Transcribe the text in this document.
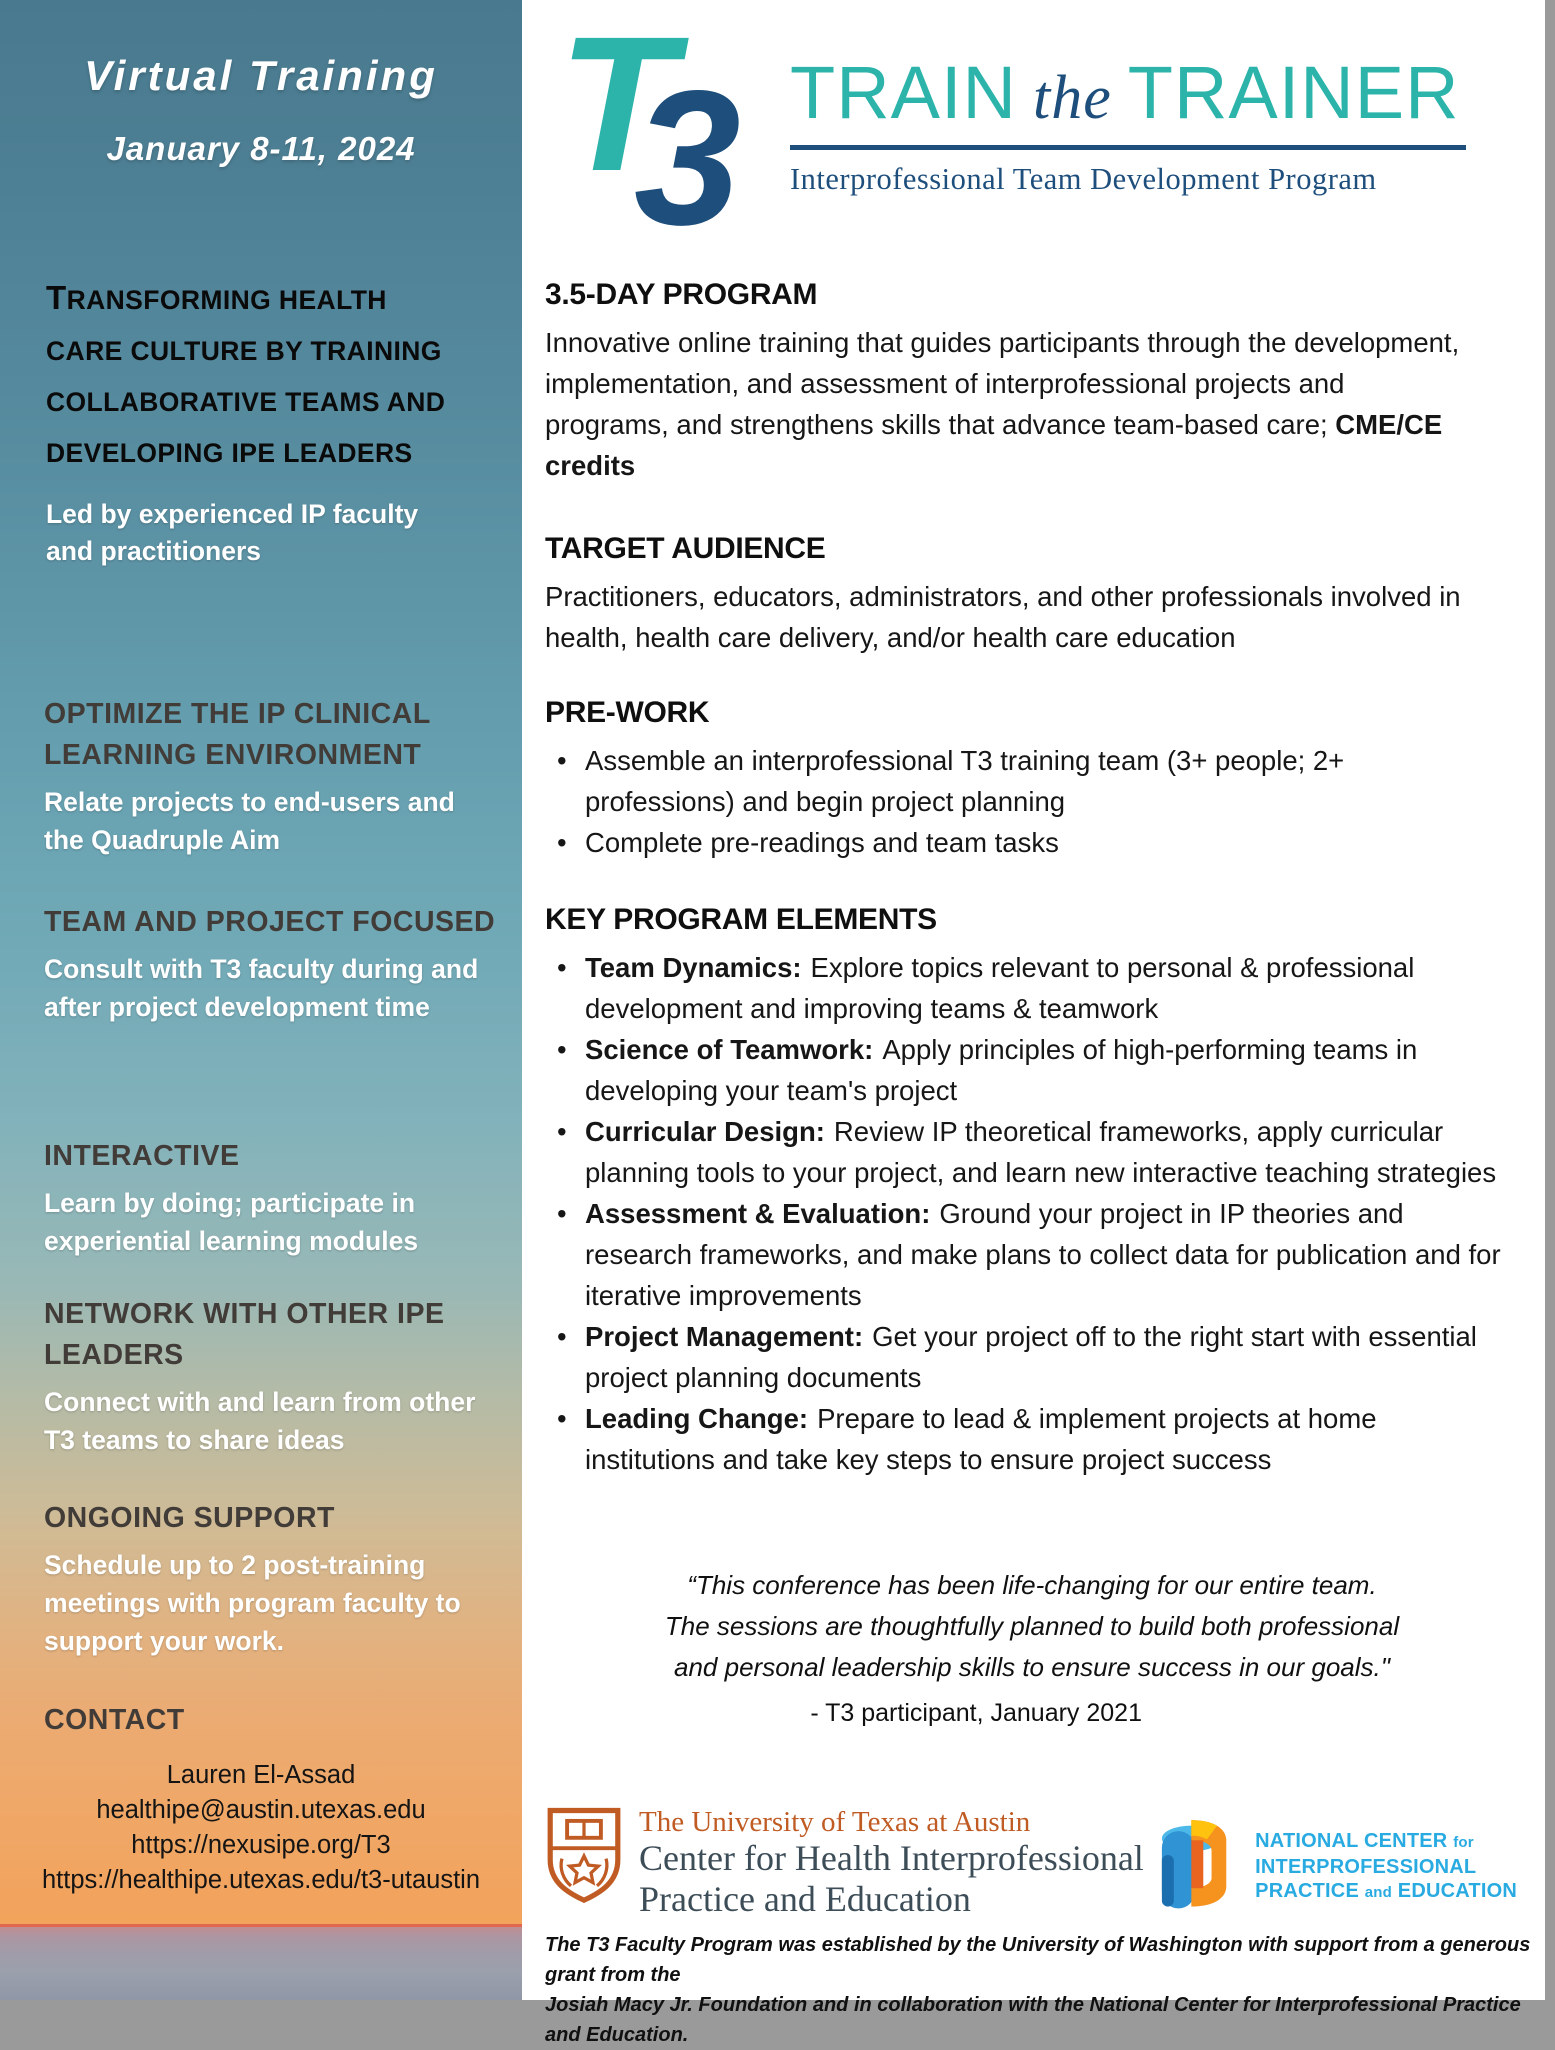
Virtual Training
January 8-11, 2024
TRANSFORMING HEALTH
CARE CULTURE BY TRAINING
COLLABORATIVE TEAMS AND
DEVELOPING IPE LEADERS
Led by experienced IP faculty and practitioners
OPTIMIZE THE IP CLINICAL LEARNING ENVIRONMENT

Relate projects to end-users and the Quadruple Aim

TEAM AND PROJECT FOCUSED

Consult with T3 faculty during and after project development time

INTERACTIVE

Learn by doing; participate in experiential learning modules

NETWORK WITH OTHER IPE LEADERS

Connect with and learn from other T3 teams to share ideas

ONGOING SUPPORT

Schedule up to 2 post-training meetings with program faculty to support your work.

CONTACT
Lauren El-Assad
healthipe@austin.utexas.edu
https://nexusipe.org/T3
https://healthipe.utexas.edu/t3-utaustin
T
3 TRAIN the TRAINER
Interprofessional Team Development Program
3.5-DAY PROGRAM

Innovative online training that guides participants through the development, implementation, and assessment of interprofessional projects and programs, and strengthens skills that advance team-based care; CME/CE credits

TARGET AUDIENCE

Practitioners, educators, administrators, and other professionals involved in health, health care delivery, and/or health care education

PRE-WORK
• Assemble an interprofessional T3 training team (3+ people; 2+ professions) and begin project planning
• Complete pre-readings and team tasks
KEY PROGRAM ELEMENTS
• Team Dynamics: Explore topics relevant to personal & professional development and improving teams & teamwork
• Science of Teamwork: Apply principles of high-performing teams in developing your team's project
• Curricular Design: Review IP theoretical frameworks, apply curricular planning tools to your project, and learn new interactive teaching strategies
• Assessment & Evaluation: Ground your project in IP theories and research frameworks, and make plans to collect data for publication and for iterative improvements
• Project Management: Get your project off to the right start with essential project planning documents
• Leading Change: Prepare to lead & implement projects at home institutions and take key steps to ensure project success
“This conference has been life-changing for our entire team.
The sessions are thoughtfully planned to build both professional
and personal leadership skills to ensure success in our goals."
- T3 participant, January 2021
The University of Texas at Austin
Center for Health Interprofessional
Practice and Education
NATIONAL CENTER for
INTERPROFESSIONAL
PRACTICE and EDUCATION
The T3 Faculty Program was established by the University of Washington with support from a generous grant from the
Josiah Macy Jr. Foundation and in collaboration with the National Center for Interprofessional Practice and Education.
